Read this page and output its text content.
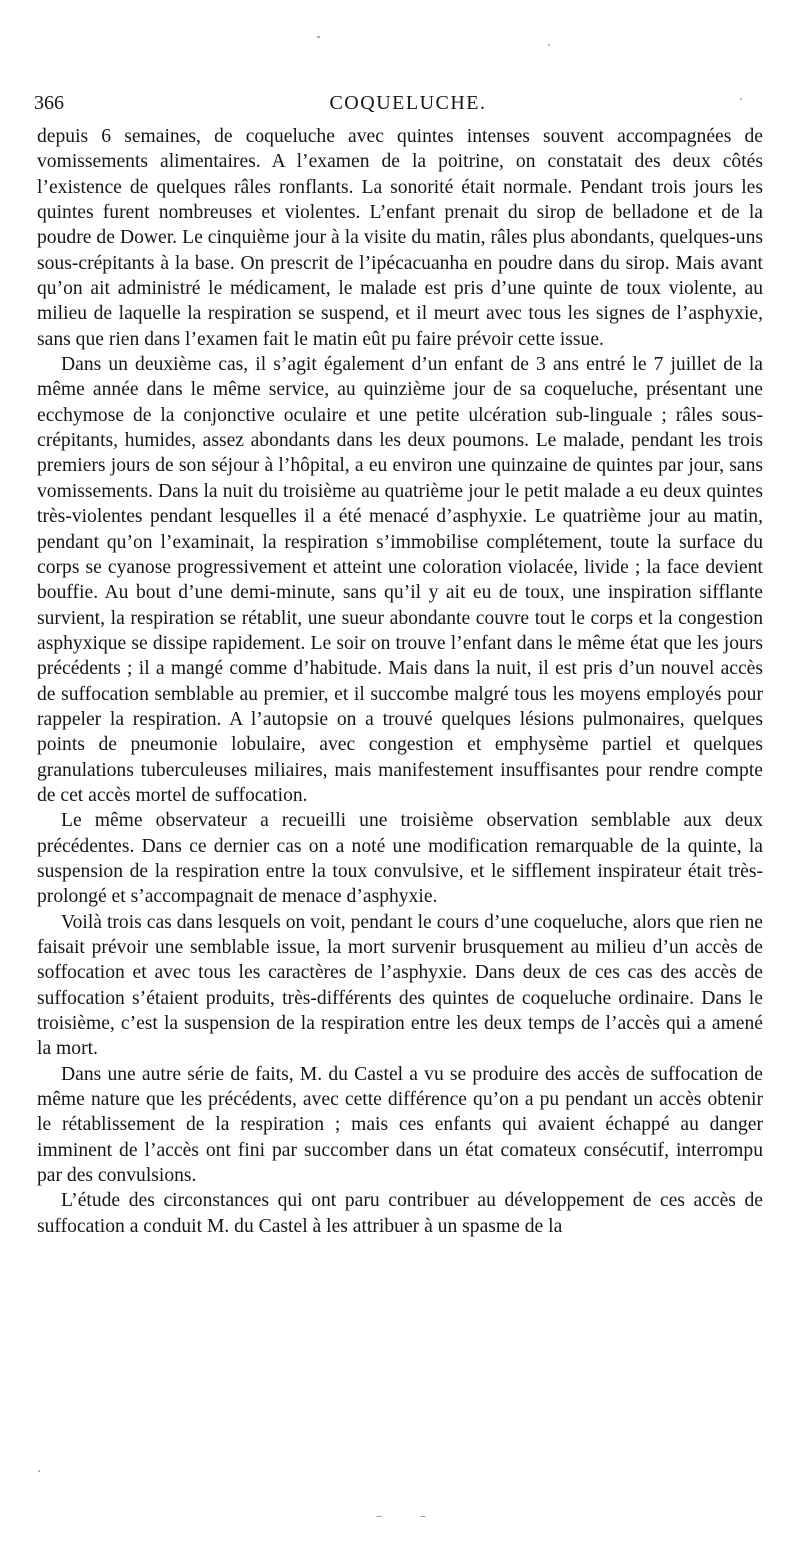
366	COQUELUCHE.

depuis 6 semaines, de coqueluche avec quintes intenses souvent accompagnées de vomissements alimentaires. A l’examen de la poitrine, on constatait des deux côtés l’existence de quelques râles ronflants. La sonorité était normale. Pendant trois jours les quintes furent nombreuses et violentes. L’enfant prenait du sirop de belladone et de la poudre de Dower. Le cinquième jour à la visite du matin, râles plus abondants, quelques-uns sous-crépitants à la base. On prescrit de l’ipécacuanha en poudre dans du sirop. Mais avant qu’on ait administré le médicament, le malade est pris d’une quinte de toux violente, au milieu de laquelle la respiration se suspend, et il meurt avec tous les signes de l’asphyxie, sans que rien dans l’examen fait le matin eût pu faire prévoir cette issue.

Dans un deuxième cas, il s’agit également d’un enfant de 3 ans entré le 7 juillet de la même année dans le même service, au quinzième jour de sa coqueluche, présentant une ecchymose de la conjonctive oculaire et une petite ulcération sub-linguale ; râles sous-crépitants, humides, assez abondants dans les deux poumons. Le malade, pendant les trois premiers jours de son séjour à l’hôpital, a eu environ une quinzaine de quintes par jour, sans vomissements. Dans la nuit du troisième au quatrième jour le petit malade a eu deux quintes très-violentes pendant lesquelles il a été menacé d’asphyxie. Le quatrième jour au matin, pendant qu’on l’examinait, la respiration s’immobilise complétement, toute la surface du corps se cyanose progressivement et atteint une coloration violacée, livide ; la face devient bouffie. Au bout d’une demi-minute, sans qu’il y ait eu de toux, une inspiration sifflante survient, la respiration se rétablit, une sueur abondante couvre tout le corps et la congestion asphyxique se dissipe rapidement. Le soir on trouve l’enfant dans le même état que les jours précédents ; il a mangé comme d’habitude. Mais dans la nuit, il est pris d’un nouvel accès de suffocation semblable au premier, et il succombe malgré tous les moyens employés pour rappeler la respiration. A l’autopsie on a trouvé quelques lésions pulmonaires, quelques points de pneumonie lobulaire, avec congestion et emphysème partiel et quelques granulations tuberculeuses miliaires, mais manifestement insuffisantes pour rendre compte de cet accès mortel de suffocation.

Le même observateur a recueilli une troisième observation semblable aux deux précédentes. Dans ce dernier cas on a noté une modification remarquable de la quinte, la suspension de la respiration entre la toux convulsive, et le sifflement inspirateur était très-prolongé et s’accompagnait de menace d’asphyxie.

Voilà trois cas dans lesquels on voit, pendant le cours d’une coqueluche, alors que rien ne faisait prévoir une semblable issue, la mort survenir brusquement au milieu d’un accès de soffocation et avec tous les caractères de l’asphyxie. Dans deux de ces cas des accès de suffocation s’étaient produits, très-différents des quintes de coqueluche ordinaire. Dans le troisième, c’est la suspension de la respiration entre les deux temps de l’accès qui a amené la mort.

Dans une autre série de faits, M. du Castel a vu se produire des accès de suffocation de même nature que les précédents, avec cette différence qu’on a pu pendant un accès obtenir le rétablissement de la respiration ; mais ces enfants qui avaient échappé au danger imminent de l’accès ont fini par succomber dans un état comateux consécutif, interrompu par des convulsions.

L’étude des circonstances qui ont paru contribuer au développement de ces accès de suffocation a conduit M. du Castel à les attribuer à un spasme de la
